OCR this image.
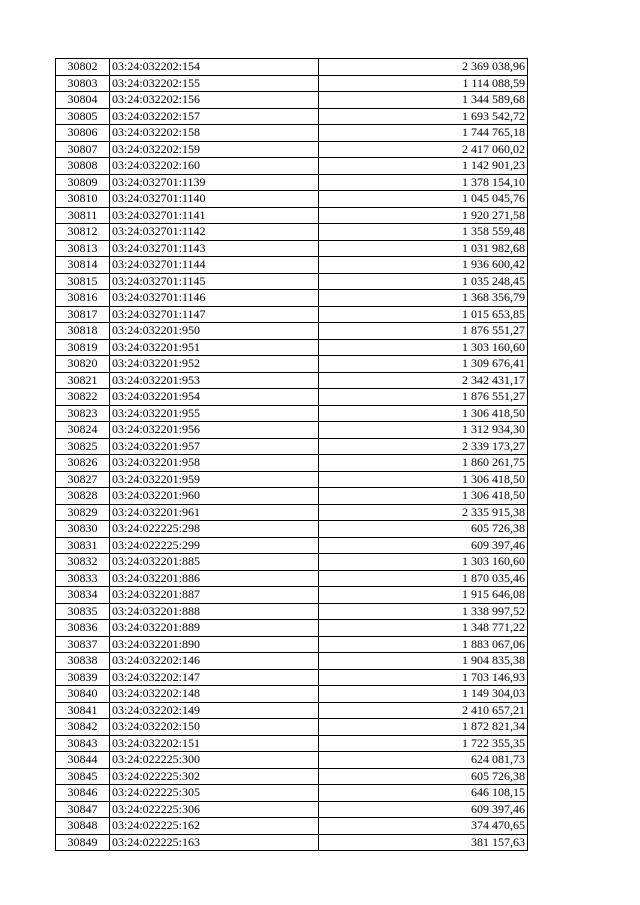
30802	03:24:032202:154	2 369 038,96
30803	03:24:032202:155	1 114 088,59
30804	03:24:032202:156	1 344 589,68
30805	03:24:032202:157	1 693 542,72
30806	03:24:032202:158	1 744 765,18
30807	03:24:032202:159	2 417 060,02
30808	03:24:032202:160	1 142 901,23
30809	03:24:032701:1139	1 378 154,10
30810	03:24:032701:1140	1 045 045,76
30811	03:24:032701:1141	1 920 271,58
30812	03:24:032701:1142	1 358 559,48
30813	03:24:032701:1143	1 031 982,68
30814	03:24:032701:1144	1 936 600,42
30815	03:24:032701:1145	1 035 248,45
30816	03:24:032701:1146	1 368 356,79
30817	03:24:032701:1147	1 015 653,85
30818	03:24:032201:950	1 876 551,27
30819	03:24:032201:951	1 303 160,60
30820	03:24:032201:952	1 309 676,41
30821	03:24:032201:953	2 342 431,17
30822	03:24:032201:954	1 876 551,27
30823	03:24:032201:955	1 306 418,50
30824	03:24:032201:956	1 312 934,30
30825	03:24:032201:957	2 339 173,27
30826	03:24:032201:958	1 860 261,75
30827	03:24:032201:959	1 306 418,50
30828	03:24:032201:960	1 306 418,50
30829	03:24:032201:961	2 335 915,38
30830	03:24:022225:298	605 726,38
30831	03:24:022225:299	609 397,46
30832	03:24:032201:885	1 303 160,60
30833	03:24:032201:886	1 870 035,46
30834	03:24:032201:887	1 915 646,08
30835	03:24:032201:888	1 338 997,52
30836	03:24:032201:889	1 348 771,22
30837	03:24:032201:890	1 883 067,06
30838	03:24:032202:146	1 904 835,38
30839	03:24:032202:147	1 703 146,93
30840	03:24:032202:148	1 149 304,03
30841	03:24:032202:149	2 410 657,21
30842	03:24:032202:150	1 872 821,34
30843	03:24:032202:151	1 722 355,35
30844	03:24:022225:300	624 081,73
30845	03:24:022225:302	605 726,38
30846	03:24:022225:305	646 108,15
30847	03:24:022225:306	609 397,46
30848	03:24:022225:162	374 470,65
30849	03:24:022225:163	381 157,63
